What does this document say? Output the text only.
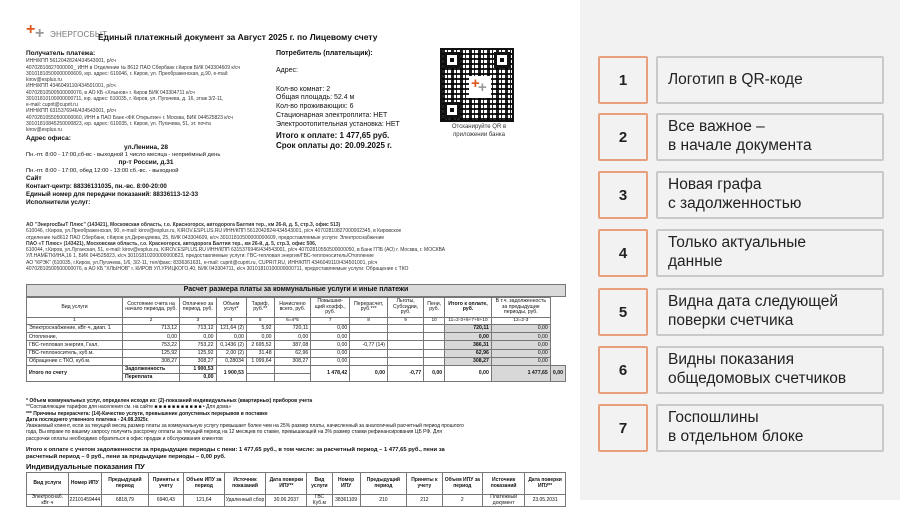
+ + ЭНЕРГОСБЫТ
Единый платежный документ за Август 2025 г. по Лицевому счету
Получатель платежа:
ИНН/КПП 5612042824/434543001, р/сч
40702810827000000_ ИНН в Отделение № 8612 ПАО Сбербанк г.Киров БИК 043304609 к/сч
30101810500000000609, юр. адрес: 610046, г. Киров, ул. Преображенская, д.90, e-mail:
kirov@esplus.ru
ИНН/КПП 4346049110/434501001, р/сч
40702810500500000076, в АО КБ «Хлынов» г. Киров БИК 043304711 к/сч
30101810100000000711, юр. адрес: 610035, г. Киров, ул. Пугачева, д. 16, этаж 3/2-11,
e-mail: cuprit@cuprit.ru
ИНН/КПП 6315376946/434543001, р/сч
40702810550500000060, ИНН в ПАО Банк «ФК Открытие» г. Москва, БИК 044525823 к/сч
30101810845250000823, юр. адрес: 610035, г. Киров, ул. Пугачева, 51, эт. почта
kirov@esplus.ru
Адрес офиса:
ул.Ленина, 28
Пн.-пт. 8:00 - 17:00,сб-вс - выходной 1 число месяца - неприёмный день
пр-т России, д.31
Пн.-пт. 8:00 - 17:00, обед 12:00 - 13:00 сб.-вс. - выходной
Сайт
Контакт-центр: 88336131035, пн.-вс. 8:00-20:00
Единый номер для передачи показаний: 88336113-12-33
Исполнители услуг:
Потребитель (плательщик):
Адрес:
Кол-во комнат: 2
Общая площадь: 52.4 м
Кол-во проживающих: 6
Стационарная электроплита: НЕТ
Электроотопительная установка: НЕТ
Итого к оплате: 1 477,65 руб.
Срок оплаты до: 20.09.2025 г.
+
+
Отсканируйте QR в приложении банка
АО "ЭнергосБыТ Плюс" (143421), Московская область, г.о. Красногорск, автодорога Балтия тер., км 26-й, д. 5, стр.3, офис 513)
610046, г.Киров, ул.Преображенская, 90, e-mail: kirov@esplus.ru, KIROV.ESPLUS.RU ИНН/КПП 5612042824/434543001, р/сч 40702810827000002345, в Кировское
отделение №8612 ПАО Сбербанк, г.Киров ул.Дерендяева, 25, БИК 043304609, к/сч 30101810500000000609, предоставляемые услуги: Электроснабжение
ПАО «Т Плюс» (143421), Московская область, г.о. Красногорск, автодорога Балтия тер., км 26-й, д. 5, стр.3, офис 506,
610044, г.Киров, ул.Луганская, 51, e-mail: kirov@esplus.ru, KIROV.ESPLUS.RU ИНН/КПП 6315376946/434543001, р/сч 40702810550500000050, в Банк ГПБ (АО) г. Москва, г. МОСКВА
УЛ.НАМЁТКИНА,16 1, БИК 044525823, к/сч 30101810200000000823, предоставляемые услуги: ГВС-тепловая энергия/ГВС-теплоноситель/Отопление
АО "КРЭК" (610035, г.Киров, ул.Пугачева, 1/6, 3/2-11, тел/факс: 8336361631, e-mail: cuprit@cuprit.ru, CUPRIT.RU, ИНН/КПП 4346049110/434501001, р/сч
40702810500500000076, в АО КБ "ХЛЫНОВ" г. КИРОВ УЛ.УРИЦКОГО,40, БИК 043304711, к/сч 30101810100000000711, предоставляемые услуги: Обращение с ТКО
Расчет размера платы за коммунальные услуги и иные платежи
Вид услуги	Состояние счета на начало периода, руб.	Оплачено за период, руб.	Объем услуг*	Тариф, руб.**	Начислено всего, руб.	Повышаю-щий коэфф., руб.	Перерасчет, руб.***	Льготы, Субсидии, руб.	Пени, руб.	Итого к оплате, руб.	В т.ч. задолженность за предыдущие периоды, руб.	
1	2	3	4	5	6=4*5	7	8	9	10	11=2-3+6+7+8+10	12=2-3	
Электроснабжение, кВт·ч, диап. 1	713,12	713,12	121,64 (2)	5,92	720,11	0,00				720,11	0,00	
Отопление,	0,00	0,00	0,00	0,00	0,00	0,00				0,00	0,00	
ГВС-тепловая энергия, Гкал,	753,22	753,22	0,1436 (2)	2 695,52	387,08	0,00	-0,77 (14)			386,31	0,00	
ГВС-теплоноситель, куб.м.	125,92	125,92	2,00 (2)	31,48	62,96	0,00				62,96	0,00	
Обращение с ТКО, куб.м.	308,27	308,27	0,28034	1 099,64	308,27	0,00				308,27	0,00	
Итого по счету	Задолженность	1 900,53	1 900,53			1 478,42	0,00	-0,77	0,00	0,00	1 477,65	0,00
	Переплата	0,00										
* Объем коммунальных услуг, определен исходя из: (2)-показаний индивидуальных (квартирных) приборов учета
**Составляющие тарифов для населения см. на сайте ■ ■ ■ ■ ■ ■ ■ ■ ■ ■ ■ • Для дома»
*** Причины перерасчета: (14)-Качество услуги, превышение допустимых перерывов в поставке
Дата последнего утвенного платежа - 24.08.2025г.
Уважаемый клиент, если за текущий месяц размер платы за коммунальную услугу превышает более чем на 25% размер платы, начисленный за аналогичный расчетный период прошлого
года, Вы вправе по вашему запросу получить рассрочку оплаты за текущий период на 12 месяцев по ставке, превышающей на 3% размер ставки рефинансирования ЦБ РФ. Для
рассрочки оплаты необходимо обратиться в офис продаж и обслуживания клиентов
Итого к оплате с учетом задолженности за предыдущие периоды с пени: 1 477,65 руб., в том числе: за расчетный период – 1 477,65 руб., пени за
расчетный период – 0 руб., пени за предыдущие периоды – 0,00 руб.
Индивидуальные показания ПУ
Вид услуги	Номер ИПУ	Предыдущий период	Приняты к учету	Объем ИПУ за период	Источник показаний	Дата поверки ИПУ**	Вид услуги	Номер ИПУ	Предыдущий период	Приняты к учету	Объем ИПУ за период	Источник показаний	Дата поверки ИПУ**
Электроснаб. кВт·ч	22101459444	6818,79	6940,43	121,64	Удаленный сбор	30.06.2037	ГВС Куб.м	38361109	210	212	2	Платежный документ	23.05.2031
1	Логотип в QR-коде
2
Все важное –
в начале документа
3
Новая графа
с задолженностью
4
Только актуальные
данные
5
Видна дата следующей
поверки счетчика
6
Видны показания
общедомовых счетчиков
7
Госпошлины
в отдельном блоке
